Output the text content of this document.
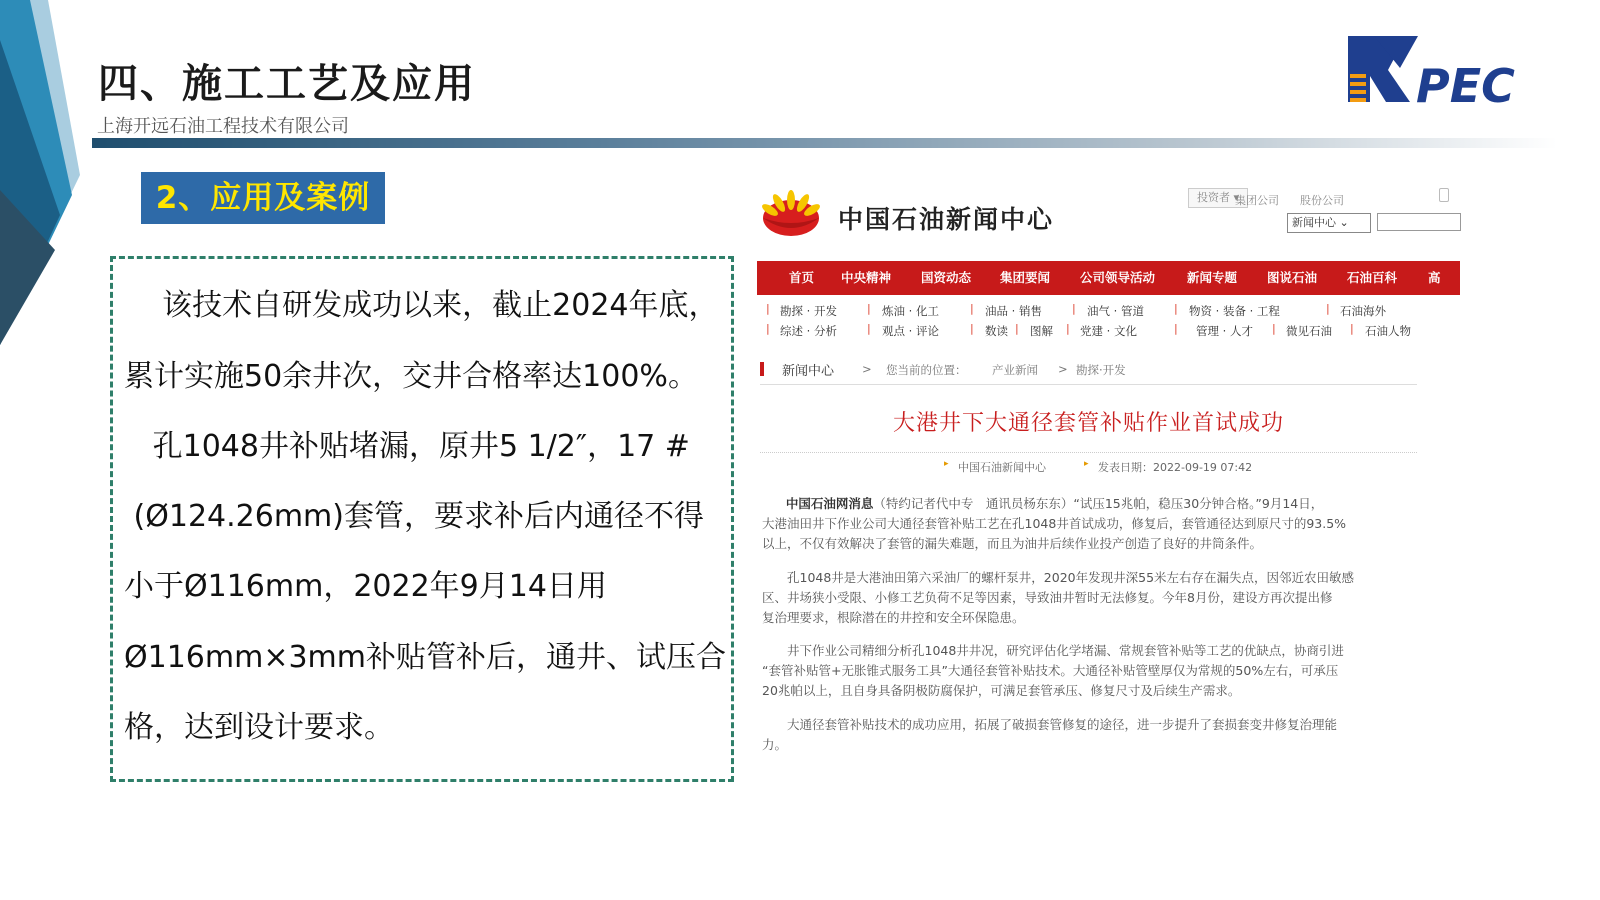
四、施工工艺及应用
上海开远石油工程技术有限公司
PEC
2、应用及案例
该技术自研发成功以来，截止2024年底，
累计实施50余井次，交井合格率达100%。
孔1048井补贴堵漏，原井5 1/2″，17 #
(Ø124.26mm)套管，要求补后内通径不得
小于Ø116mm，2022年9月14日用
Ø116mm×3mm补贴管补后，通井、试压合
格，达到设计要求。
中国石油新闻中心
投资者 ▾
集团公司 股份公司
新闻中心 ⌄
首页 中央精神 国资动态 集团要闻 公司领导活动	新闻专题 图说石油 石油百科 高
| 勘探 · 开发	| 炼油 · 化工	| 油品 · 销售	| 油气 · 管道	| 物资 · 装备 · 工程	| 石油海外
| 综述 · 分析	| 观点 · 评论	| 数读 | 图解 | 党建 · 文化	| 管理 · 人才 | 微见石油 | 石油人物
新闻中心 > 您当前的位置： 产业新闻 > 勘探·开发
大港井下大通径套管补贴作业首试成功
▸ 中国石油新闻中心	▸ 发表日期：2022-09-19 07:42
中国石油网消息（特约记者代中专　通讯员杨东东）“试压15兆帕，稳压30分钟合格。”9月14日，
大港油田井下作业公司大通径套管补贴工艺在孔1048井首试成功，修复后，套管通径达到原尺寸的93.5%
以上，不仅有效解决了套管的漏失难题，而且为油井后续作业投产创造了良好的井筒条件。
　　孔1048井是大港油田第六采油厂的螺杆泵井，2020年发现井深55米左右存在漏失点，因邻近农田敏感
区、井场狭小受限、小修工艺负荷不足等因素，导致油井暂时无法修复。今年8月份，建设方再次提出修
复治理要求，根除潜在的井控和安全环保隐患。
　　井下作业公司精细分析孔1048井井况，研究评估化学堵漏、常规套管补贴等工艺的优缺点，协商引进
“套管补贴管+无胀锥式服务工具”大通径套管补贴技术。大通径补贴管壁厚仅为常规的50%左右，可承压
20兆帕以上，且自身具备阴极防腐保护，可满足套管承压、修复尺寸及后续生产需求。
　　大通径套管补贴技术的成功应用，拓展了破损套管修复的途径，进一步提升了套损套变井修复治理能
力。
